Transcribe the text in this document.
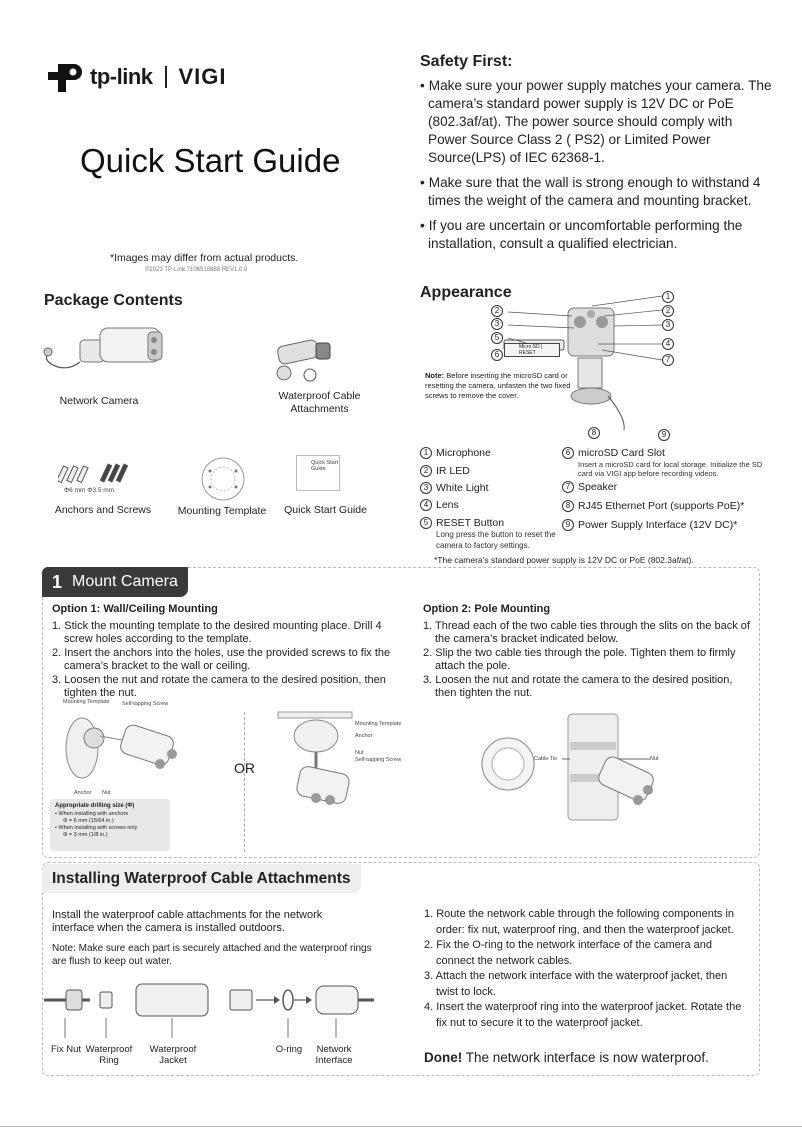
tp-link VIGI
Quick Start Guide
*Images may differ from actual products.
©2023 TP-Link 7106510888 REV1.0.0
Safety First:
• Make sure your power supply matches your camera. The camera’s standard power supply is 12V DC or PoE (802.3af/at). The power source should comply with Power Source Class 2 ( PS2) or Limited Power Source(LPS) of IEC 62368-1.
• Make sure that the wall is strong enough to withstand 4 times the weight of the camera and mounting bracket.
• If you are uncertain or uncomfortable performing the installation, consult a qualified electrician.
Package Contents
Network Camera	Waterproof Cable Attachments
Φ6 mm Φ3.5 mm
Anchors and Screws	Mounting Template
Quick Start Guide
Quick Start Guide
Appearance
Micro SD | RESET
2
3
5
6
1
2
3
4
7
8	9
Note: Before inserting the microSD card or resetting the camera, unfasten the two fixed screws to remove the cover.
1 Microphone
2 IR LED
3 White Light
4 Lens
5 RESET Button
Long press the button to reset the camera to factory settings.
6 microSD Card Slot
Insert a microSD card for local storage. Initialize the SD card via VIGI app before recording videos.
7 Speaker
8 RJ45 Ethernet Port (supports PoE)*
9 Power Supply Interface (12V DC)*
*The camera’s standard power supply is 12V DC or PoE (802.3af/at).
1 Mount Camera
Option 1: Wall/Ceiling Mounting
1. Stick the mounting template to the desired mounting place. Drill 4 screw holes according to the template.
2. Insert the anchors into the holes, use the provided screws to fix the camera’s bracket to the wall or ceiling.
3. Loosen the nut and rotate the camera to the desired position, then tighten the nut.
Mounting Template Self-tapping Screw
Anchor Nut
OR
Mounting Template
Anchor
Nut
Self-tapping Screw
Appropriate drilling size (Φ)
• When installing with anchors
Φ = 6 mm (15/64 in.)
• When installing with screws only
Φ = 3 mm (1/8 in.)
Option 2: Pole Mounting
1. Thread each of the two cable ties through the slits on the back of the camera’s bracket indicated below.
2. Slip the two cable ties through the pole. Tighten them to firmly attach the pole.
3. Loosen the nut and rotate the camera to the desired position, then tighten the nut.
Cable Tie	Nut
Installing Waterproof Cable Attachments
Install the waterproof cable attachments for the network interface when the camera is installed outdoors.
Note: Make sure each part is securely attached and the waterproof rings are flush to keep out water.
Fix Nut Waterproof Ring
Waterproof Jacket
O-ring	Network Interface
1. Route the network cable through the following components in order: fix nut, waterproof ring, and then the waterproof jacket.
2. Fix the O-ring to the network interface of the camera and connect the network cables.
3. Attach the network interface with the waterproof jacket, then twist to lock.
4. Insert the waterproof ring into the waterproof jacket. Rotate the fix nut to secure it to the waterproof jacket.
Done! The network interface is now waterproof.
